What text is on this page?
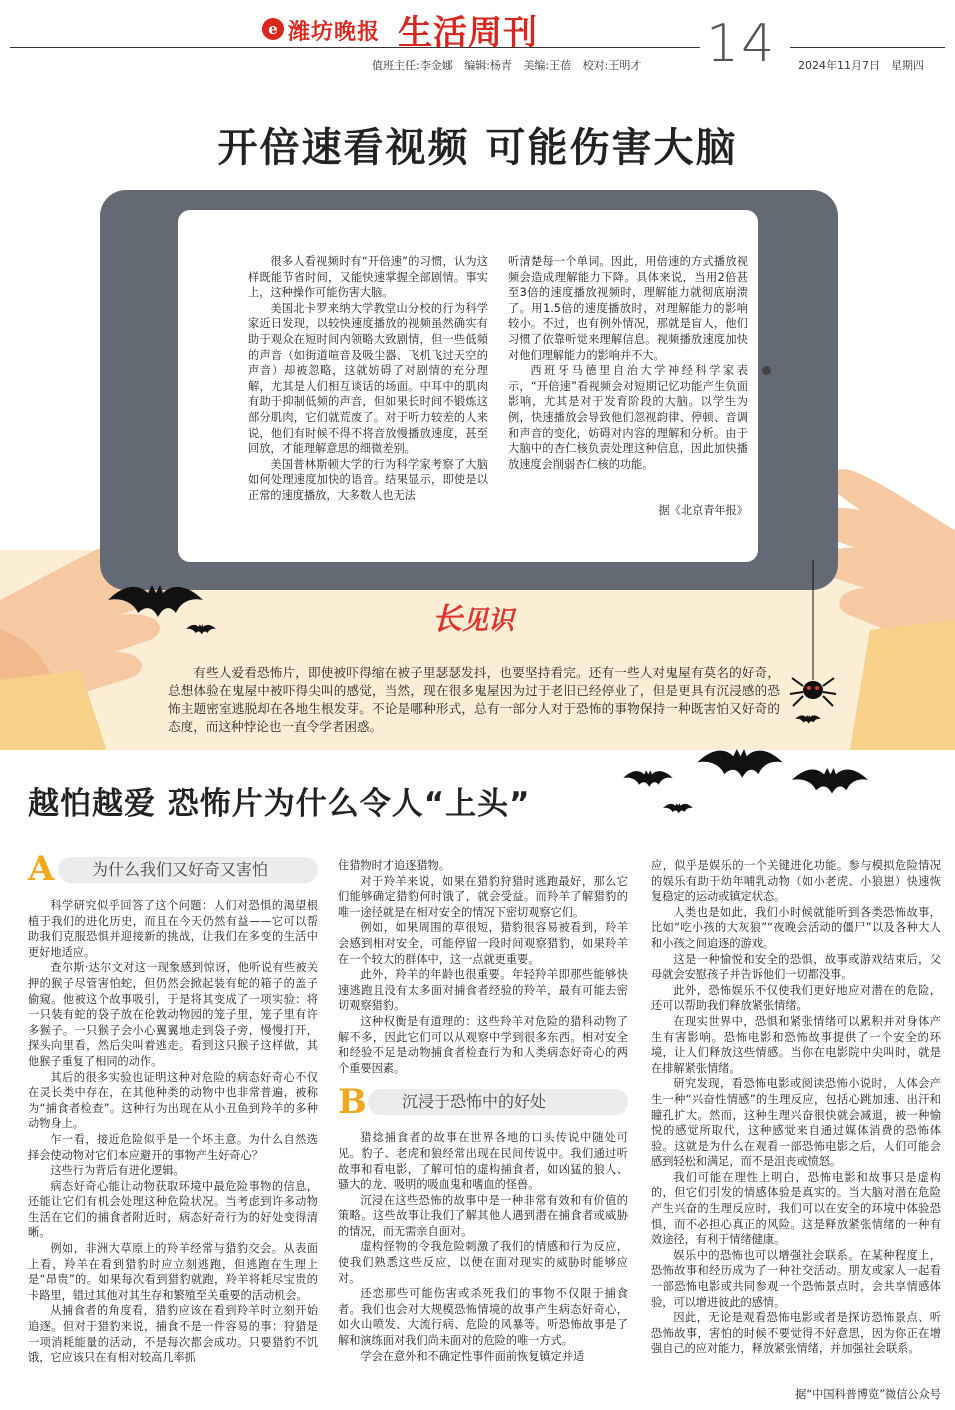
e 潍坊晚报 生活周刊
值班主任:李金娜 编辑:杨青 美编:王蓓 校对:王明才 14 2024年11月7日　星期四
开倍速看视频 可能伤害大脑

很多人看视频时有“开倍速”的习惯，认为这样既能节省时间，又能快速掌握全部剧情。事实上，这种操作可能伤害大脑。

美国北卡罗来纳大学教堂山分校的行为科学家近日发现，以较快速度播放的视频虽然确实有助于观众在短时间内领略大致剧情，但一些低頻的声音（如街道喧音及吸尘器、飞机飞过天空的声音）却被忽略，这就妨碍了对剧情的充分理解，尤其是人们相互谈话的场面。中耳中的肌肉有助于抑制低频的声音，但如果长时间不锻炼这部分肌肉，它们就荒废了。对于听力较差的人来说，他们有时候不得不将音放慢播放速度，甚至回放，才能理解意思的细微差别。

美国普林斯顿大学的行为科学家考察了大脑如何处理速度加快的语音。结果显示，即使是以正常的速度播放，大多数人也无法

听清楚每一个单词。因此，用倍速的方式播放视频会造成理解能力下降。具体来说，当用2倍甚至3倍的速度播放视频时，理解能力就彻底崩溃了。用1.5倍的速度播放时，对理解能力的影响较小。不过，也有例外情况，那就是盲人，他们习惯了依靠听觉来理解信息。视频播放速度加快对他们理解能力的影响并不大。

西班牙马德里自治大学神经科学家表示，“开倍速”看视频会对短期记忆功能产生负面影响，尤其是对于发育阶段的大脑。以学生为例，快速播放会导致他们忽视韵律、停顿、音调和声音的变化，妨碍对内容的理解和分析。由于大脑中的杏仁核负责处理这种信息，因此加快播放速度会削弱杏仁核的功能。

据《北京青年报》
长见识
有些人爱看恐怖片，即使被吓得缩在被子里瑟瑟发抖，也要坚持看完。还有一些人对鬼屋有莫名的好奇，总想体验在鬼屋中被吓得尖叫的感觉，当然，现在很多鬼屋因为过于老旧已经停业了，但是更具有沉浸感的恐怖主题密室逃脱却在各地生根发芽。不论是哪种形式，总有一部分人对于恐怖的事物保持一种既害怕又好奇的态度，而这种悖论也一直令学者困惑。
越怕越爱 恐怖片为什么令人“上头”
A	为什么我们又好奇又害怕

科学研究似乎回答了这个问题：人们对恐惧的渴望根植于我们的进化历史，而且在今天仍然有益——它可以帮助我们克服恐惧并迎接新的挑战，让我们在多变的生活中更好地适应。

查尔斯·达尔文对这一现象感到惊讶，他听说有些被关押的猴子尽管害怕蛇，但仍然会掀起装有蛇的箱子的盖子偷窥。他被这个故事吸引，于是将其变成了一项实验：将一只装有蛇的袋子放在伦敦动物园的笼子里，笼子里有许多猴子。一只猴子会小心翼翼地走到袋子旁，慢慢打开，探头向里看，然后尖叫着逃走。看到这只猴子这样做，其他猴子重复了相同的动作。

其后的很多实验也证明这种对危险的病态好奇心不仅在灵长类中存在，在其他种类的动物中也非常普遍，被称为“捕食者检查”。这种行为出现在从小丑鱼到羚羊的多种动物身上。

乍一看，接近危险似乎是一个坏主意。为什么自然选择会使动物对它们本应避开的事物产生好奇心？

这些行为背后有进化逻辑。

病态好奇心能让动物获取环境中最危险事物的信息，还能让它们有机会处理这种危险状况。当考虑到许多动物生活在它们的捕食者附近时，病态好奇行为的好处变得清晰。

例如，非洲大草原上的羚羊经常与猎豹交会。从表面上看，羚羊在看到猎豹时应立刻逃跑，但逃跑在生理上是“昂贵”的。如果每次看到猎豹就跑，羚羊将耗尽宝贵的卡路里，错过其他对其生存和繁殖至关重要的活动机会。

从捕食者的角度看，猎豹应该在看到羚羊时立刻开始追逐。但对于猎豹来说，捕食不是一件容易的事：狩猎是一项消耗能量的活动，不是每次都会成功。只要猎豹不饥饿，它应该只在有相对较高几率抓

住猎物时才追逐猎物。

对于羚羊来说，如果在猎豹狩猎时逃跑最好，那么它们能够确定猎豹何时饿了，就会受益。而羚羊了解猎豹的唯一途径就是在相对安全的情况下密切观察它们。

例如，如果周围的草很短，猎豹很容易被看到，羚羊会感到相对安全，可能停留一段时间观察猎豹，如果羚羊在一个较大的群体中，这一点就更重要。

此外，羚羊的年龄也很重要。年轻羚羊即那些能够快速逃跑且没有太多面对捕食者经验的羚羊，最有可能去密切观察猎豹。

这种权衡是有道理的：这些羚羊对危险的猎科动物了解不多，因此它们可以从观察中学到很多东西。相对安全和经验不足是动物捕食者检查行为和人类病态好奇心的两个重要因素。

B	沉浸于恐怖中的好处

猎捻捕食者的故事在世界各地的口头传说中随处可见。豹子、老虎和狼经常出现在民间传说中。我们通过听故事和看电影，了解可怕的虚构捕食者，如凶猛的狼人、骚大的龙、吸明的吸血鬼和嗜血的怪兽。

沉浸在这些恐怖的故事中是一种非常有效和有价值的策略。这些故事让我们了解其他人遇到潜在捕食者或威胁的情况，而无需亲自面对。

虚构怪物的令我危险刺激了我们的情感和行为反应，使我们熟悉这些反应，以便在面对现实的威胁时能够应对。

还恋那些可能伤害或杀死我们的事物不仅限于捕食者。我们也会对大规模恐怖情境的故事产生病态好奇心，如火山喷发、大流行病、危险的风暴等。听恐怖故事是了解和演练面对我们尚未面对的危险的唯一方式。

学会在意外和不确定性事件面前恢复镇定并适

应，似乎是娱乐的一个关键进化功能。参与模拟危险情况的娱乐有助于幼年哺乳动物（如小老虎、小狼崽）快速恢复稳定的运动或镇定状态。

人类也是如此，我们小时候就能听到各类恐怖故事，比如“吃小孩的大灰狼”“夜晚会活动的僵尸”以及各种大人和小孩之间追逐的游戏。

这是一种愉悦和安全的恐惧，故事或游戏结束后，父母就会安慰孩子并告诉他们一切都没事。

此外，恐怖娱乐不仅使我们更好地应对潜在的危险，还可以帮助我们释放紧张情绪。

在现实世界中，恐惧和紧张情绪可以累积并对身体产生有害影响。恐怖电影和恐怖故事提供了一个安全的环境，让人们释放这些情感。当你在电影院中尖叫时，就是在排解紧张情绪。

研究发现，看恐怖电影或阅读恐怖小说时，人体会产生一种“兴奋性情感”的生理反应，包括心跳加速、出汗和瞳孔扩大。然而，这种生理兴奋很快就会减退，被一种愉悦的感觉所取代，这种感觉来自通过媒体消费的恐怖体验。这就是为什么在观看一部恐怖电影之后，人们可能会感到轻松和满足，而不是沮丧或愤怒。

我们可能在理性上明白，恐怖电影和故事只是虚构的，但它们引发的情感体验是真实的。当大脑对潜在危险产生兴奋的生理反应时，我们可以在安全的环境中体验恐惧，而不必担心真正的风险。这是释放紧张情绪的一种有效途径，有利于情绪健康。

娱乐中的恐怖也可以增强社会联系。在某种程度上，恐怖故事和经历成为了一种社交活动。朋友或家人一起看一部恐怖电影或共同参观一个恐怖景点时，会共享情感体验，可以增进彼此的感情。

因此，无论是观看恐怖电影或者是探访恐怖景点、听恐怖故事，害怕的时候不要觉得不好意思，因为你正在增强自己的应对能力，释放紧张情绪，并加强社会联系。

据“中国科普博览”微信公众号
